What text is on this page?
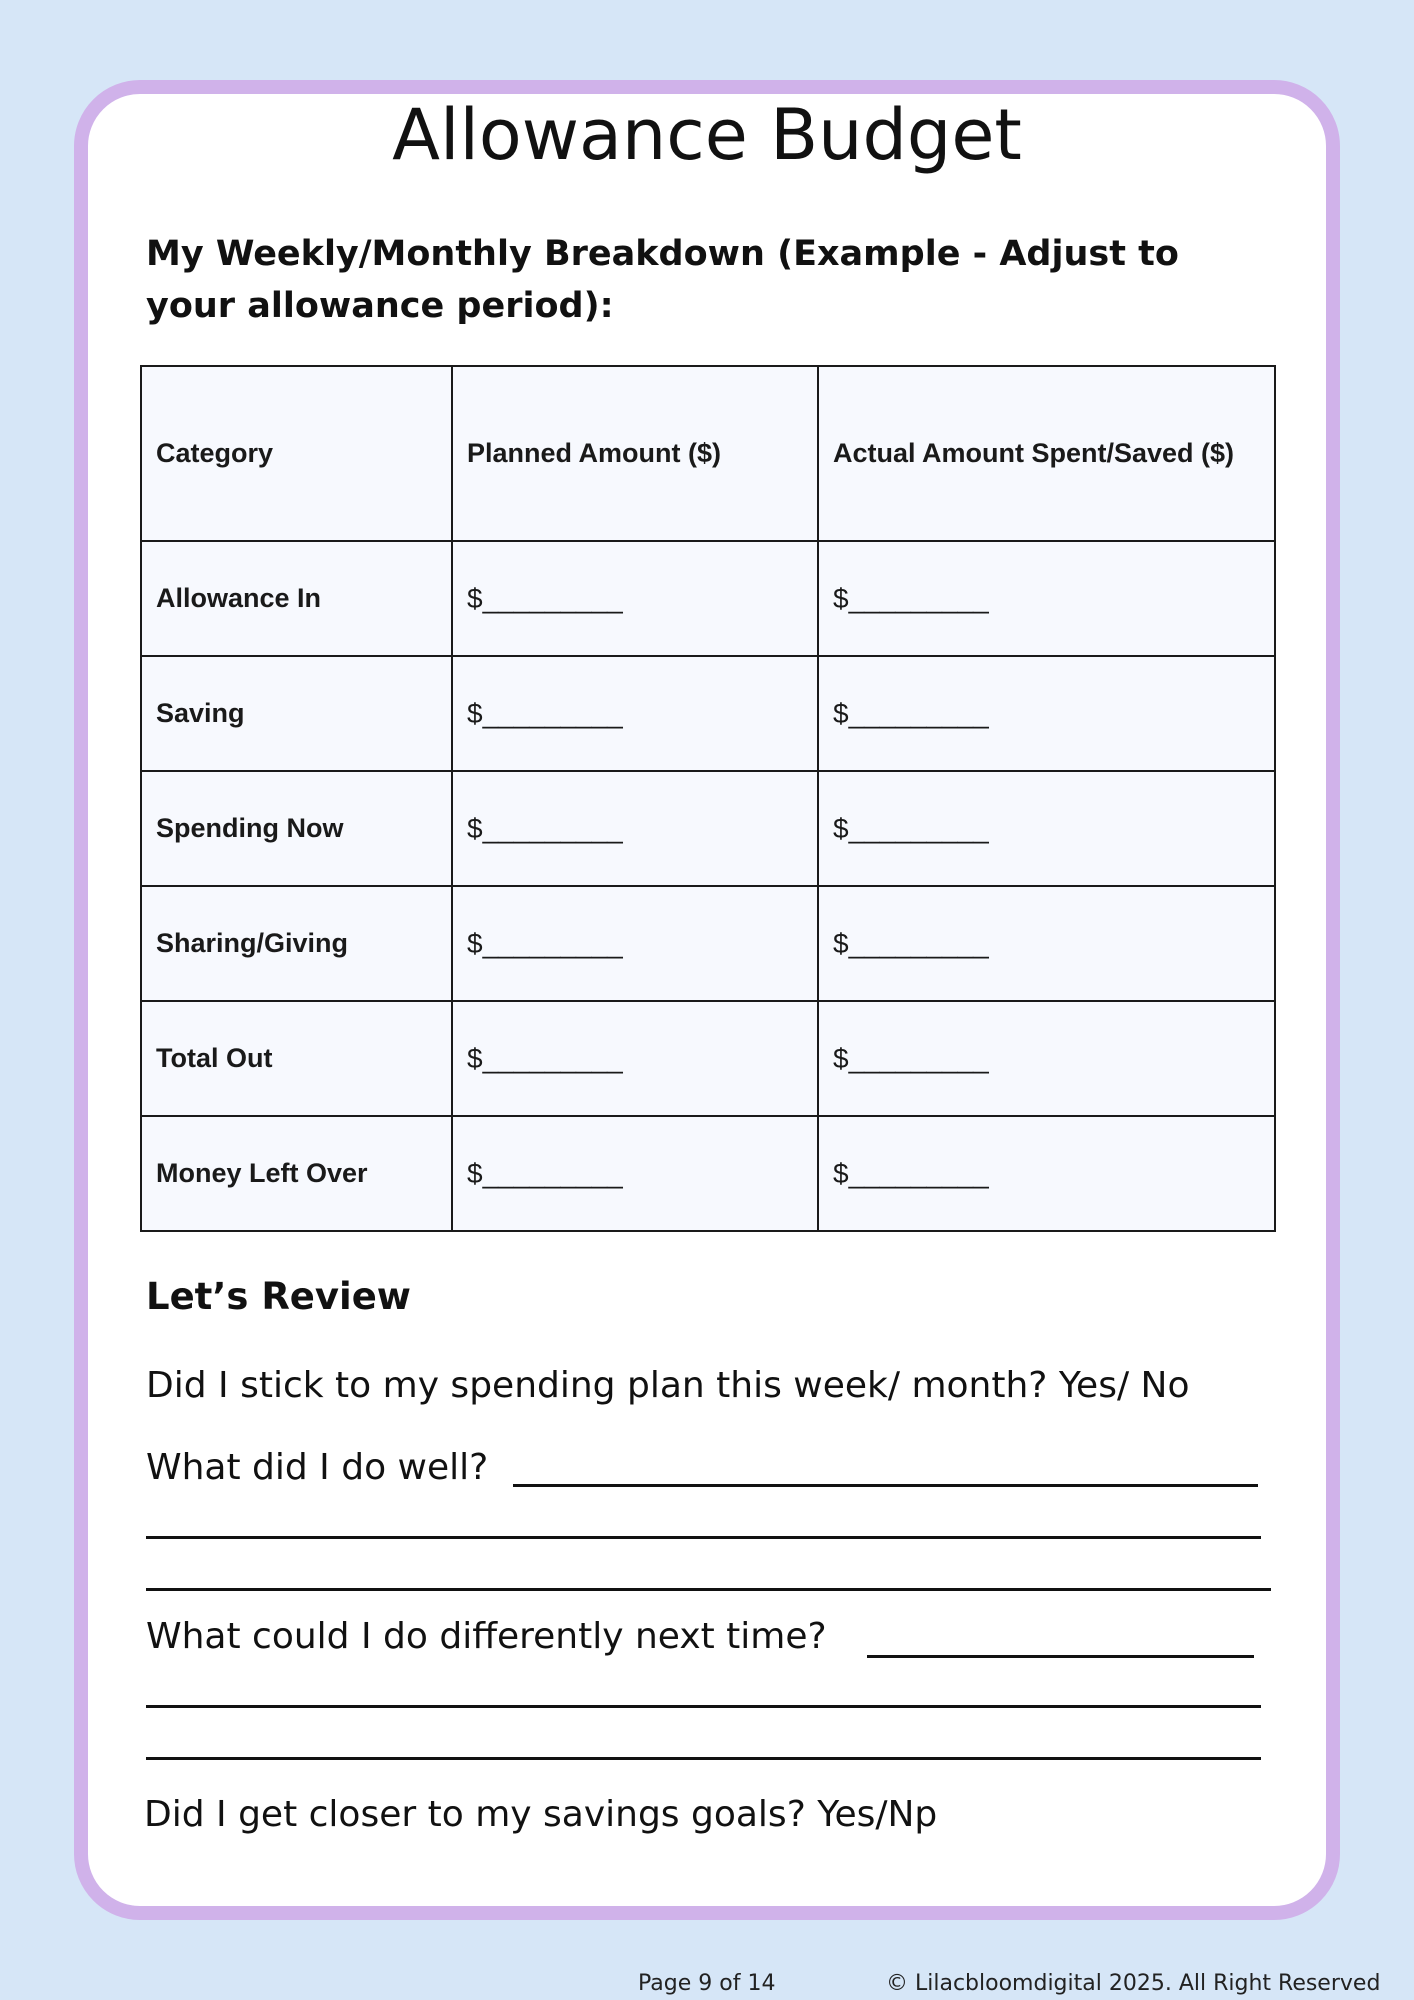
Allowance Budget
My Weekly/Monthly Breakdown (Example - Adjust to your allowance period):
Category	Planned Amount ($)	Actual Amount Spent/Saved ($)
Allowance In	$_________	$_________
Saving	$_________	$_________
Spending Now	$_________	$_________
Sharing/Giving	$_________	$_________
Total Out	$_________	$_________
Money Left Over	$_________	$_________
Let’s Review

Did I stick to my spending plan this week/ month? Yes/ No

What did I do well?

What could I do differently next time?

Did I get closer to my savings goals? Yes/Np

Page 9 of 14	© Lilacbloomdigital 2025. All Right Reserved
